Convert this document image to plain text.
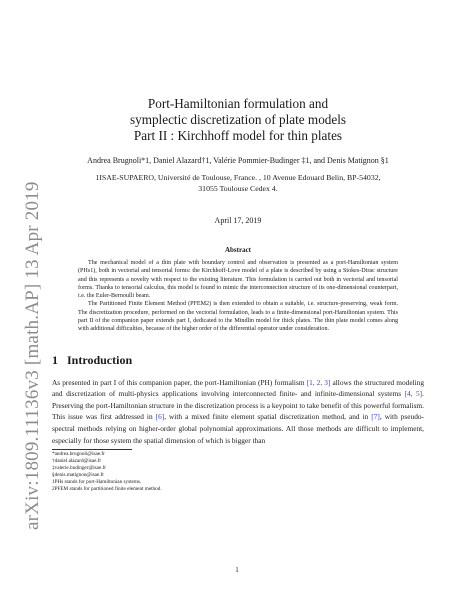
arXiv:1809.11136v3 [math.AP] 13 Apr 2019
Port-Hamiltonian formulation and
symplectic discretization of plate models
Part II : Kirchhoff model for thin plates
Andrea Brugnoli*1, Daniel Alazard†1, Valérie Pommier-Budinger ‡1, and Denis Matignon §1
1ISAE-SUPAERO, Université de Toulouse, France. , 10 Avenue Edouard Belin, BP-54032,
31055 Toulouse Cedex 4.
April 17, 2019
Abstract

The mechanical model of a thin plate with boundary control and observation is presented as a port-Hamiltonian system (PHs1), both in vectorial and tensorial forms: the Kirchhoff-Love model of a plate is described by using a Stokes-Dirac structure and this represents a novelty with respect to the existing literature. This formulation is carried out both in vectorial and tensorial forms. Thanks to tensorial calculus, this model is found to mimic the interconnection structure of its one-dimensional counterpart, i.e. the Euler-Bernoulli beam.

The Partitioned Finite Element Method (PFEM2) is then extended to obtain a suitable, i.e. structure-preserving, weak form. The discretization procedure, performed on the vectorial formulation, leads to a finite-dimensional port-Hamiltonian system. This part II of the companion paper extends part I, dedicated to the Mindlin model for thick plates. The thin plate model comes along with additional difficulties, because of the higher order of the differential operator under consideration.

1 Introduction
As presented in part I of this companion paper, the port-Hamiltonian (PH) formalism [1, 2, 3] allows the structured modeling and discretization of multi-physics applications involving interconnected finite- and infinite-dimensional systems [4, 5]. Preserving the port-Hamiltonian structure in the discretization process is a keypoint to take benefit of this powerful formalism. This issue was first addressed in [6], with a mixed finite element spatial discretization method, and in [7], with pseudo-spectral methods relying on higher-order global polynomial approximations. All those methods are difficult to implement, especially for those system the spatial dimension of which is bigger than
*andrea.brugnoli@isae.fr
†daniel.alazard@isae.fr
‡valerie.budinger@isae.fr
§denis.matignon@isae.fr
1PHs stands for port-Hamiltonian systems.
2PFEM stands for partitioned finite element method.
1
